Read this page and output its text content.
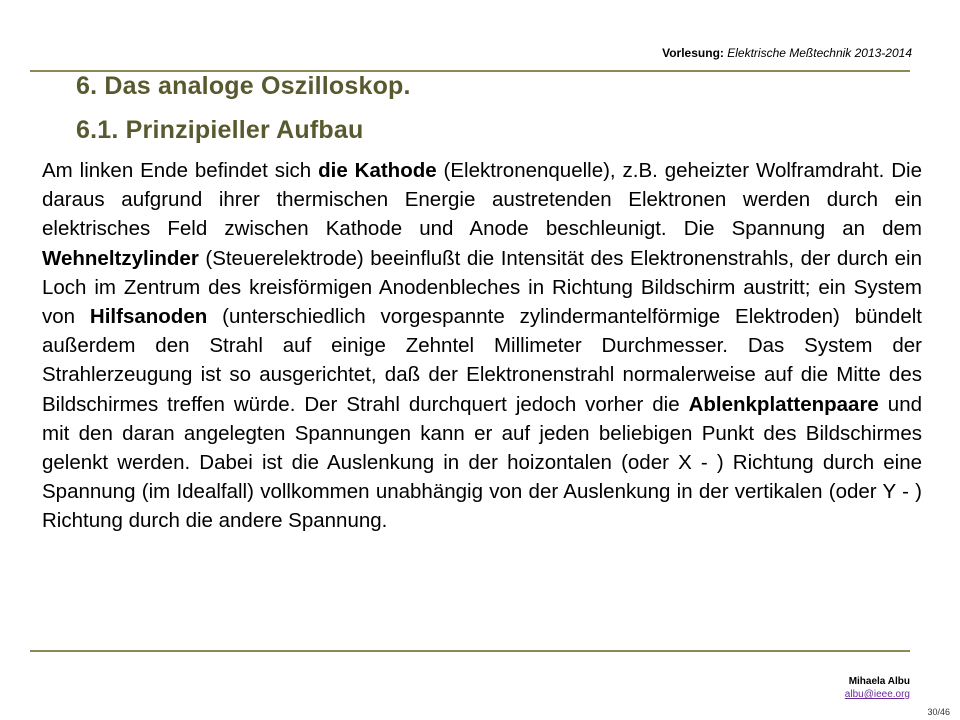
Vorlesung: Elektrische Meßtechnik 2013-2014
6. Das analoge Oszilloskop.
6.1. Prinzipieller Aufbau

Am linken Ende befindet sich die Kathode (Elektronenquelle), z.B. geheizter Wolframdraht. Die daraus aufgrund ihrer thermischen Energie austretenden Elektronen werden durch ein elektrisches Feld zwischen Kathode und Anode beschleunigt. Die Spannung an dem Wehneltzylinder (Steuerelektrode) beeinflußt die Intensität des Elektronenstrahls, der durch ein Loch im Zentrum des kreisförmigen Anodenbleches in Richtung Bildschirm austritt; ein System von Hilfsanoden (unterschiedlich vorgespannte zylindermantelförmige Elektroden) bündelt außerdem den Strahl auf einige Zehntel Millimeter Durchmesser. Das System der Strahlerzeugung ist so ausgerichtet, daß der Elektronenstrahl normalerweise auf die Mitte des Bildschirmes treffen würde. Der Strahl durchquert jedoch vorher die Ablenkplattenpaare und mit den daran angelegten Spannungen kann er auf jeden beliebigen Punkt des Bildschirmes gelenkt werden. Dabei ist die Auslenkung in der hoizontalen (oder X - ) Richtung durch eine Spannung (im Idealfall) vollkommen unabhängig von der Auslenkung in der vertikalen (oder Y - ) Richtung durch die andere Spannung.

Mihaela Albu
albu@ieee.org
30/46
